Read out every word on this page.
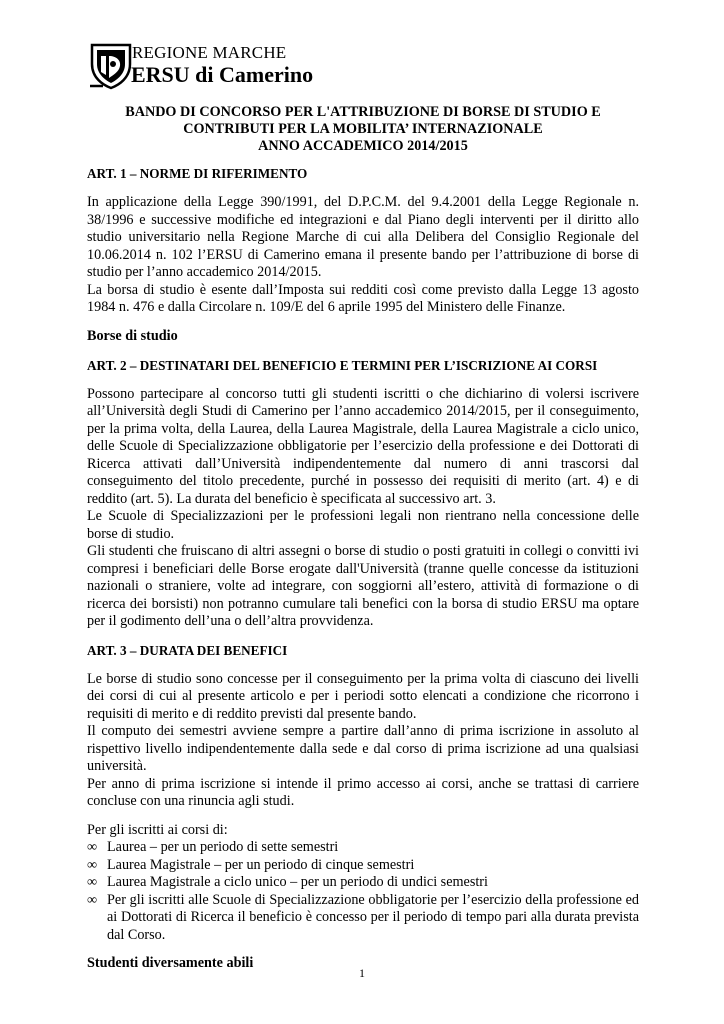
REGIONE MARCHE
ERSU di Camerino
BANDO DI CONCORSO PER L'ATTRIBUZIONE DI BORSE DI STUDIO E
CONTRIBUTI PER LA MOBILITA’ INTERNAZIONALE
ANNO ACCADEMICO 2014/2015
ART. 1 – NORME DI RIFERIMENTO

In applicazione della Legge 390/1991, del D.P.C.M. del 9.4.2001 della Legge Regionale n. 38/1996 e successive modifiche ed integrazioni e dal Piano degli interventi per il diritto allo studio universitario nella Regione Marche di cui alla Delibera del Consiglio Regionale del 10.06.2014 n. 102 l’ERSU di Camerino emana il presente bando per l’attribuzione di borse di studio per l’anno accademico 2014/2015.

La borsa di studio è esente dall’Imposta sui redditi così come previsto dalla Legge 13 agosto 1984 n. 476 e dalla Circolare n. 109/E del 6 aprile 1995 del Ministero delle Finanze.

Borse di studio
ART. 2 – DESTINATARI DEL BENEFICIO E TERMINI PER L’ISCRIZIONE AI CORSI

Possono partecipare al concorso tutti gli studenti iscritti o che dichiarino di volersi iscrivere all’Università degli Studi di Camerino per l’anno accademico 2014/2015, per il conseguimento, per la prima volta, della Laurea, della Laurea Magistrale, della Laurea Magistrale a ciclo unico, delle Scuole di Specializzazione obbligatorie per l’esercizio della professione e dei Dottorati di Ricerca attivati dall’Università indipendentemente dal numero di anni trascorsi dal conseguimento del titolo precedente, purché in possesso dei requisiti di merito (art. 4) e di reddito (art. 5). La durata del beneficio è specificata al successivo art. 3.

Le Scuole di Specializzazioni per le professioni legali non rientrano nella concessione delle borse di studio.

Gli studenti che fruiscano di altri assegni o borse di studio o posti gratuiti in collegi o convitti ivi compresi i beneficiari delle Borse erogate dall'Università (tranne quelle concesse da istituzioni nazionali o straniere, volte ad integrare, con soggiorni all’estero, attività di formazione o di ricerca dei borsisti) non potranno cumulare tali benefici con la borsa di studio ERSU ma optare per il godimento dell’una o dell’altra provvidenza.

ART. 3 – DURATA DEI BENEFICI

Le borse di studio sono concesse per il conseguimento per la prima volta di ciascuno dei livelli dei corsi di cui al presente articolo e per i periodi sotto elencati a condizione che ricorrono i requisiti di merito e di reddito previsti dal presente bando.

Il computo dei semestri avviene sempre a partire dall’anno di prima iscrizione in assoluto al rispettivo livello indipendentemente dalla sede e dal corso di prima iscrizione ad una qualsiasi università.

Per anno di prima iscrizione si intende il primo accesso ai corsi, anche se trattasi di carriere concluse con una rinuncia agli studi.

Per gli iscritti ai corsi di:

∞ Laurea – per un periodo di sette semestri
∞ Laurea Magistrale – per un periodo di cinque semestri
∞ Laurea Magistrale a ciclo unico – per un periodo di undici semestri
∞ Per gli iscritti alle Scuole di Specializzazione obbligatorie per l’esercizio della professione ed ai Dottorati di Ricerca il beneficio è concesso per il periodo di tempo pari alla durata prevista dal Corso.
Studenti diversamente abili
1
